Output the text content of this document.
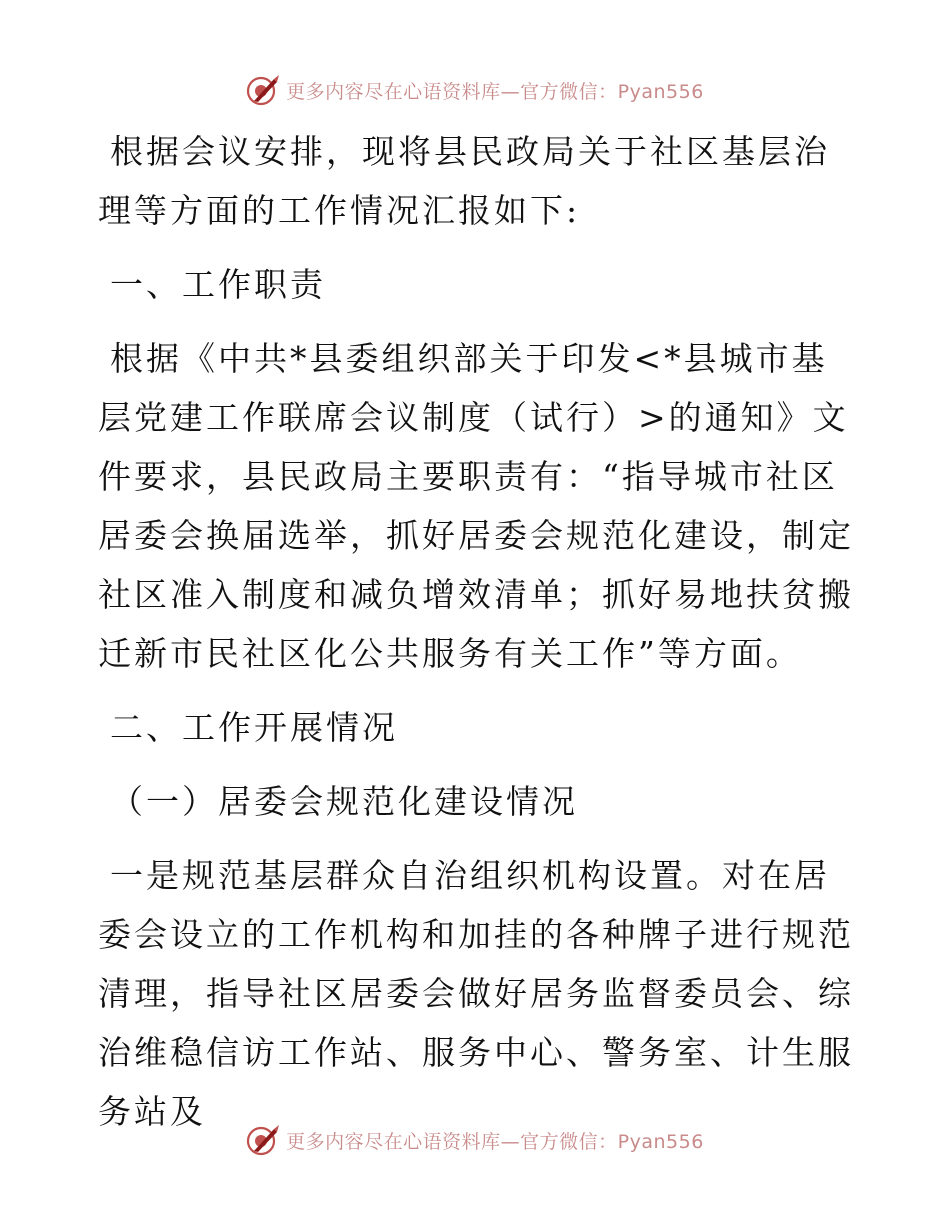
更多内容尽在心语资料库—官方微信：Pyan556

根据会议安排，现将县民政局关于社区基层治理等方面的工作情况汇报如下:

一、工作职责

根据《中共*县委组织部关于印发<*县城市基层党建工作联席会议制度（试行）>的通知》文件要求，县民政局主要职责有：“指导城市社区居委会换届选举，抓好居委会规范化建设，制定社区准入制度和减负增效清单；抓好易地扶贫搬迁新市民社区化公共服务有关工作”等方面。

二、工作开展情况

（一）居委会规范化建设情况

一是规范基层群众自治组织机构设置。对在居委会设立的工作机构和加挂的各种牌子进行规范清理，指导社区居委会做好居务监督委员会、综治维稳信访工作站、服务中心、警务室、计生服务站及

更多内容尽在心语资料库—官方微信：Pyan556
